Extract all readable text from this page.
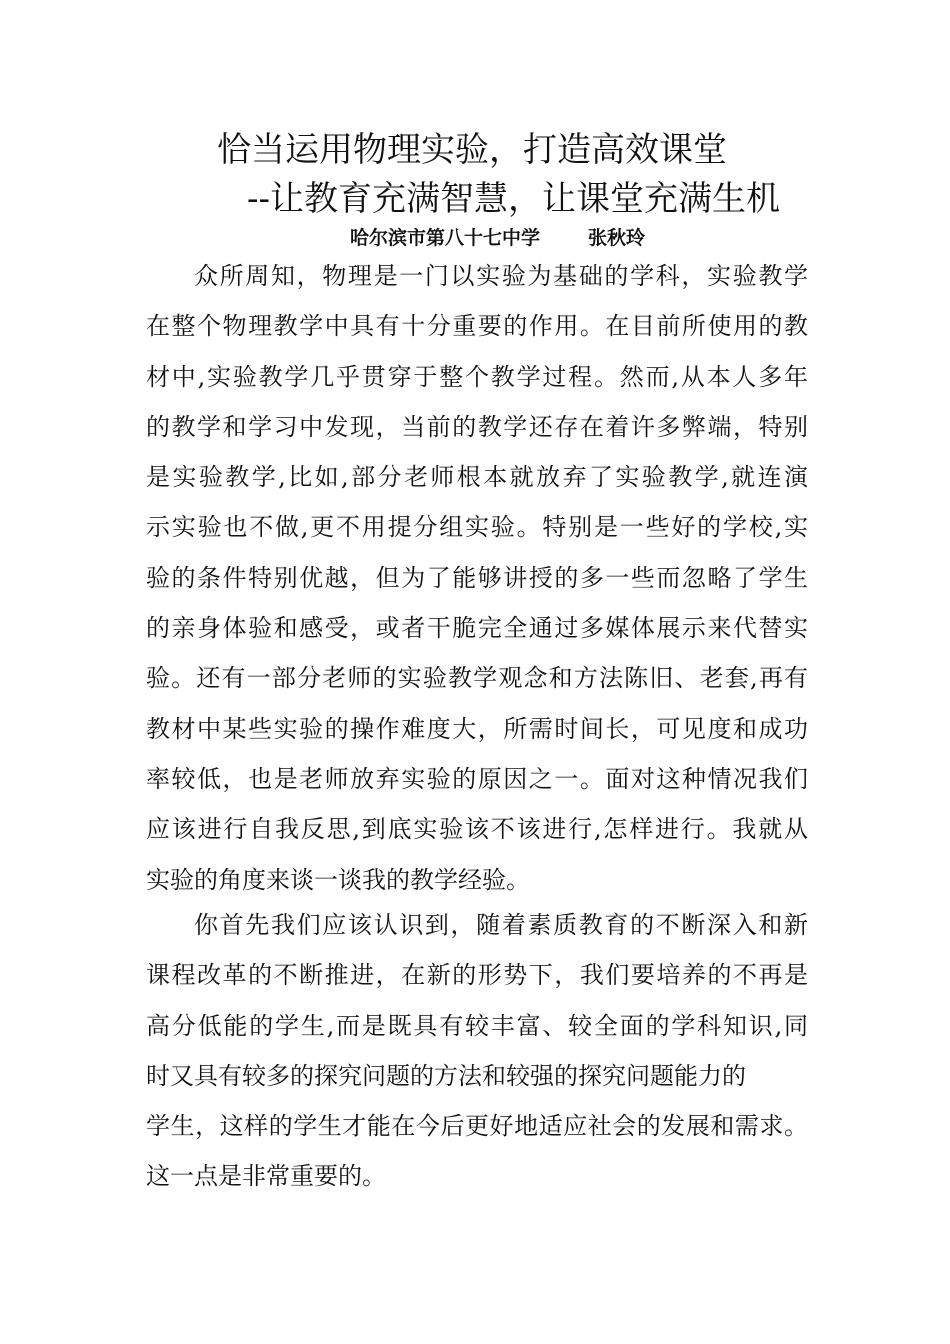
恰当运用物理实验，打造高效课堂
--让教育充满智慧，让课堂充满生机
哈尔滨市第八十七中学	张秋玲
众所周知，物理是一门以实验为基础的学科，实验教学
在整个物理教学中具有十分重要的作用。在目前所使用的教
材中,实验教学几乎贯穿于整个教学过程。然而,从本人多年
的教学和学习中发现，当前的教学还存在着许多弊端，特别
是实验教学,比如,部分老师根本就放弃了实验教学,就连演
示实验也不做,更不用提分组实验。特别是一些好的学校,实
验的条件特别优越，但为了能够讲授的多一些而忽略了学生
的亲身体验和感受，或者干脆完全通过多媒体展示来代替实
验。还有一部分老师的实验教学观念和方法陈旧、老套,再有
教材中某些实验的操作难度大，所需时间长，可见度和成功
率较低，也是老师放弃实验的原因之一。面对这种情况我们
应该进行自我反思,到底实验该不该进行,怎样进行。我就从
实验的角度来谈一谈我的教学经验。
你首先我们应该认识到，随着素质教育的不断深入和新
课程改革的不断推进，在新的形势下，我们要培养的不再是
高分低能的学生,而是既具有较丰富、较全面的学科知识,同
时又具有较多的探究问题的方法和较强的探究问题能力的
学生，这样的学生才能在今后更好地适应社会的发展和需求。
这一点是非常重要的。
